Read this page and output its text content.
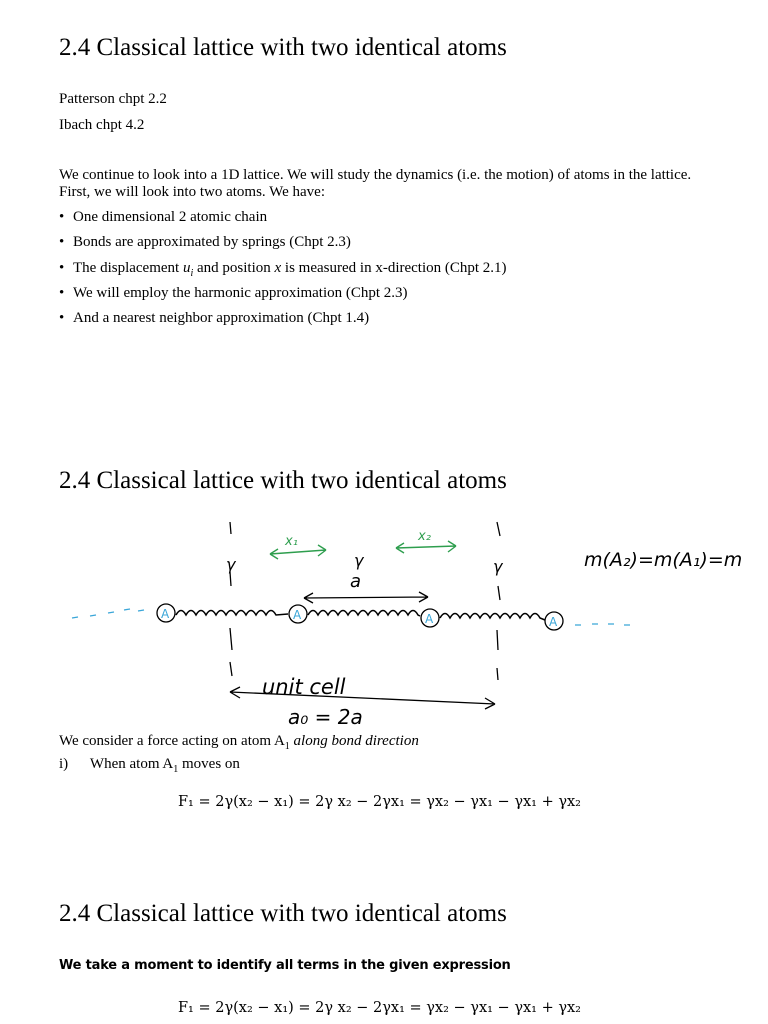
2.4 Classical lattice with two identical atoms
Patterson chpt 2.2
Ibach chpt 4.2
We continue to look into a 1D lattice. We will study the dynamics (i.e. the motion) of atoms in the lattice. First, we will look into two atoms. We have:
• One dimensional 2 atomic chain
• Bonds are approximated by springs (Chpt 2.3)
• The displacement $u_i$ and position x is measured in x-direction (Chpt 2.1)
• We will employ the harmonic approximation (Chpt 2.3)
• And a nearest neighbor approximation (Chpt 1.4)
2.4 Classical lattice with two identical atoms
A	A	A	A
x₁	x₂
γ	γ	γ
a
unit cell
a₀ = 2a
m(A₂)=m(A₁)=m
We consider a force acting on atom $A_1$ along bond direction
i) When atom $A_1$ moves on
F₁ = 2γ(x₂ − x₁) = 2γ x₂ − 2γx₁ = γx₂ − γx₁ − γx₁ + γx₂
2.4 Classical lattice with two identical atoms
We take a moment to identify all terms in the given expression
F₁ = 2γ(x₂ − x₁) = 2γ x₂ − 2γx₁ = γx₂ − γx₁ − γx₁ + γx₂
